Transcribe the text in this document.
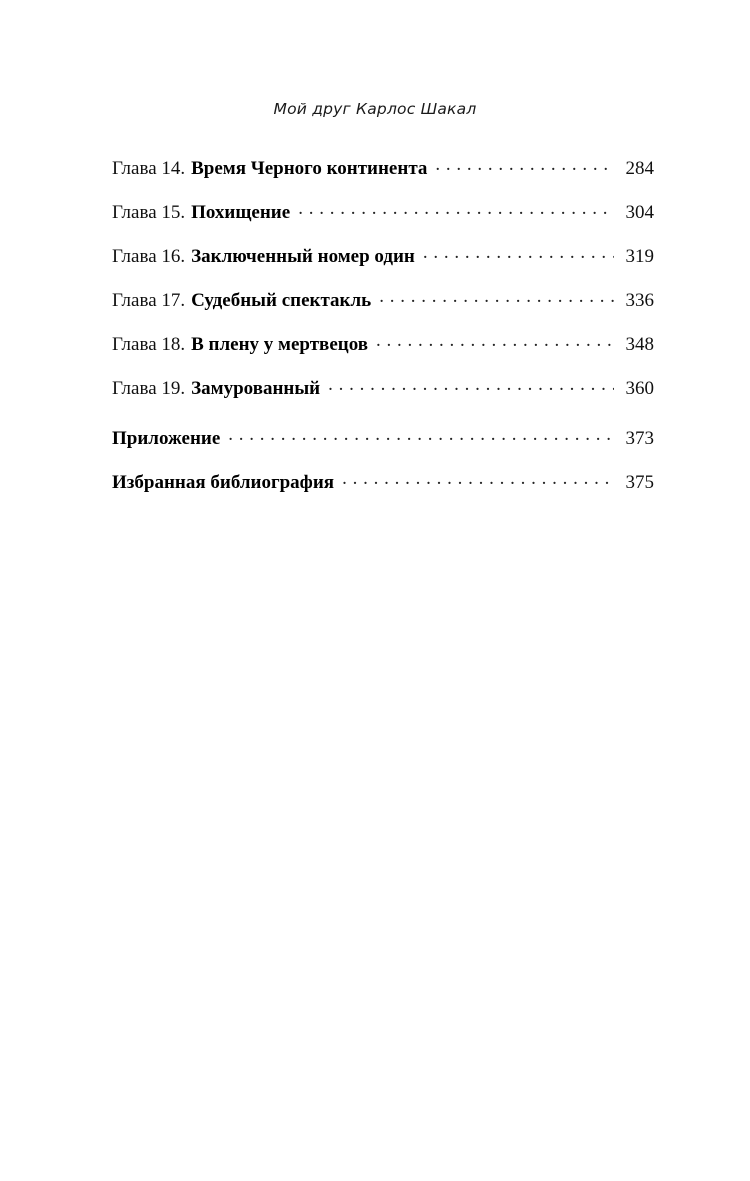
Мой друг Карлос Шакал
Глава 14. Время Черного континента . . .	284
Глава 15. Похищение . . .	304
Глава 16. Заключенный номер один . . .	319
Глава 17. Судебный спектакль . . .	336
Глава 18. В плену у мертвецов . . .	348
Глава 19. Замурованный . . .	360
Приложение . . .	373
Избранная библиография . . .	375
